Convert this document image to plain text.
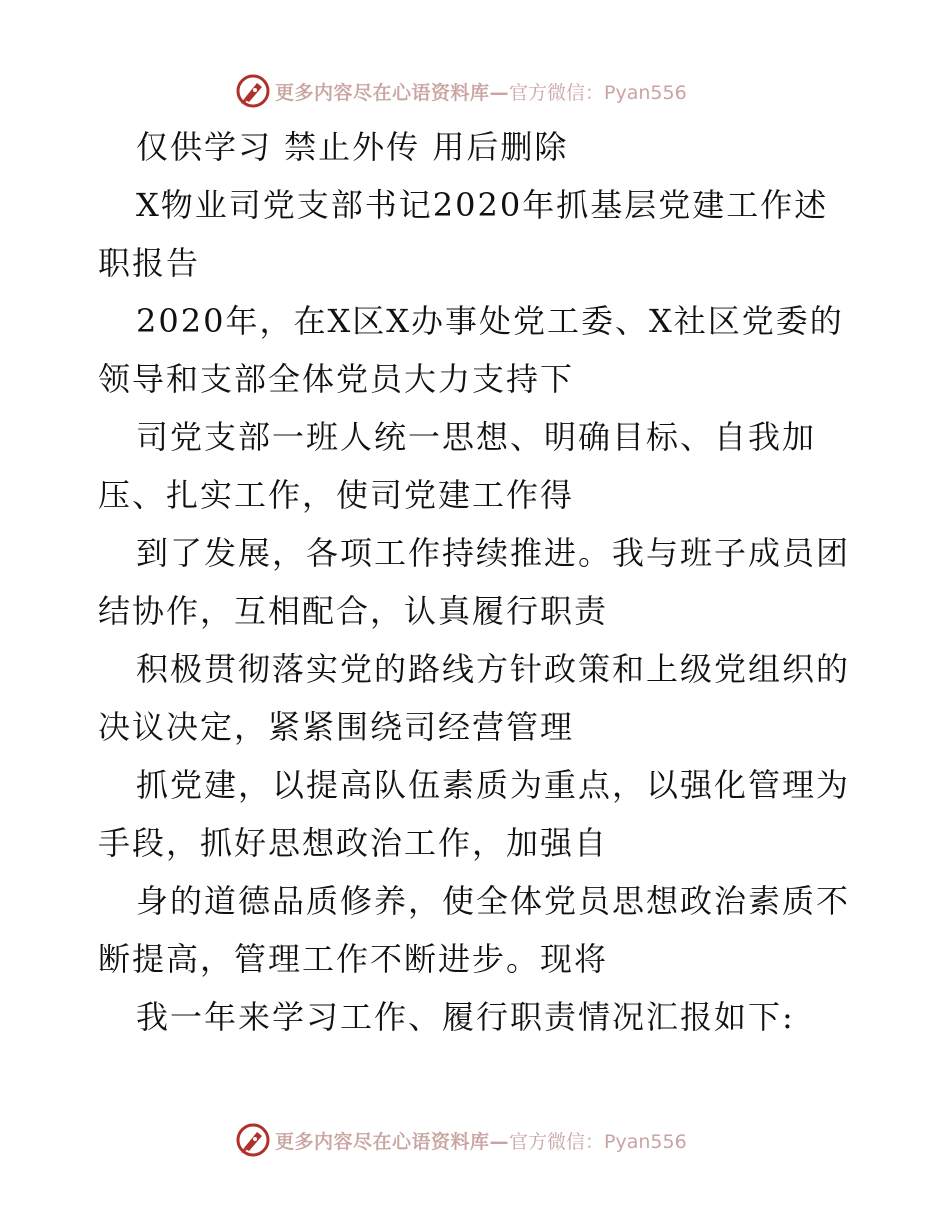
更多内容尽在心语资料库— 官方微信：Pyan556

仅供学习 禁止外传 用后删除

X物业司党支部书记2020年抓基层党建工作述职报告

2020年，在X区X办事处党工委、X社区党委的领导和支部全体党员大力支持下

司党支部一班人统一思想、明确目标、自我加压、扎实工作，使司党建工作得

到了发展，各项工作持续推进。我与班子成员团结协作，互相配合，认真履行职责

积极贯彻落实党的路线方针政策和上级党组织的决议决定，紧紧围绕司经营管理

抓党建，以提高队伍素质为重点，以强化管理为手段，抓好思想政治工作，加强自

身的道德品质修养，使全体党员思想政治素质不断提高，管理工作不断进步。现将

我一年来学习工作、履行职责情况汇报如下:

更多内容尽在心语资料库— 官方微信：Pyan556
